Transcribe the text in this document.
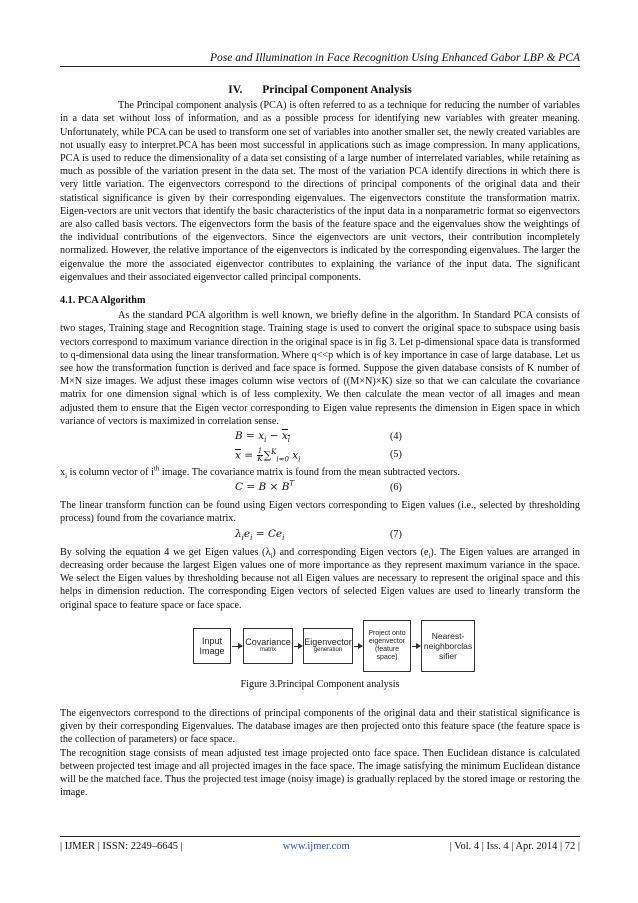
Pose and Illumination in Face Recognition Using Enhanced Gabor LBP & PCA
IV. Principal Component Analysis

The Principal component analysis (PCA) is often referred to as a technique for reducing the number of variables in a data set without loss of information, and as a possible process for identifying new variables with greater meaning. Unfortunately, while PCA can be used to transform one set of variables into another smaller set, the newly created variables are not usually easy to interpret.PCA has been most successful in applications such as image compression. In many applications, PCA is used to reduce the dimensionality of a data set consisting of a large number of interrelated variables, while retaining as much as possible of the variation present in the data set. The most of the variation PCA identify directions in which there is very little variation. The eigenvectors correspond to the directions of principal components of the original data and their statistical significance is given by their corresponding eigenvalues. The eigenvectors constitute the transformation matrix. Eigen-vectors are unit vectors that identify the basic characteristics of the input data in a nonparametric format so eigenvectors are also called basis vectors. The eigenvectors form the basis of the feature space and the eigenvalues show the weightings of the individual contributions of the eigenvectors. Since the eigenvectors are unit vectors, their contribution incompletely normalized. However, the relative importance of the eigenvectors is indicated by the corresponding eigenvalues. The larger the eigenvalue the more the associated eigenvector contributes to explaining the variance of the input data. The significant eigenvalues and their associated eigenvector called principal components.

4.1. PCA Algorithm

As the standard PCA algorithm is well known, we briefly define in the algorithm. In Standard PCA consists of two stages, Training stage and Recognition stage. Training stage is used to convert the original space to subspace using basis vectors correspond to maximum variance direction in the original space is in fig 3. Let p-dimensional space data is transformed to q-dimensional data using the linear transformation. Where q<<p which is of key importance in case of large database. Let us see how the transformation function is derived and face space is formed. Suppose the given database consists of K number of M×N size images. We adjust these images column wise vectors of ((M×N)×K) size so that we can calculate the covariance matrix for one dimension signal which is of less complexity. We then calculate the mean vector of all images and mean adjusted them to ensure that the Eigen vector corresponding to Eigen value represents the dimension in Eigen space in which variance of vectors is maximized in correlation sense.

$B = x_i - x_i$	(4)
$\overline{x} = \frac{1}{K} \sum^K_{i=0}$ $x_i$	(5)

$x_i$ is column vector of $i^{th}$ image. The covariance matrix is found from the mean subtracted vectors.

$C = B \times B^T$	(6)

The linear transform function can be found using Eigen vectors corresponding to Eigen values (i.e., selected by thresholding process) found from the covariance matrix.

$\lambda_ie_i = Ce_i$	(7)

By solving the equation 4 we get Eigen values $(\lambda_i)$ and corresponding Eigen vectors $(e_i)$. The Eigen values are arranged in decreasing order because the largest Eigen values one of more importance as they represent maximum variance in the space. We select the Eigen values by thresholding because not all Eigen values are necessary to represent the original space and this helps in dimension reduction. The corresponding Eigen vectors of selected Eigen values are used to linearly transform the original space to feature space or face space.

Input
Image
Covariance
matrix
Eigenvector
generation
Project onto eigenvector
(feature space)
Nearest-
neighborclas sifier
Figure 3.Principal Component analysis

The eigenvectors correspond to the directions of principal components of the original data and their statistical significance is given by their corresponding Eigenvalues. The database images are then projected onto this feature space (the feature space is the collection of parameters) or face space.

The recognition stage consists of mean adjusted test image projected onto face space. Then Euclidean distance is calculated between projected test image and all projected images in the face space. The image satisfying the minimum Euclidean distance will be the matched face. Thus the projected test image (noisy image) is gradually replaced by the stored image or restoring the image.

| IJMER | ISSN: 2249–6645 |	www.ijmer.com	| Vol. 4 | Iss. 4 | Apr. 2014 | 72 |
